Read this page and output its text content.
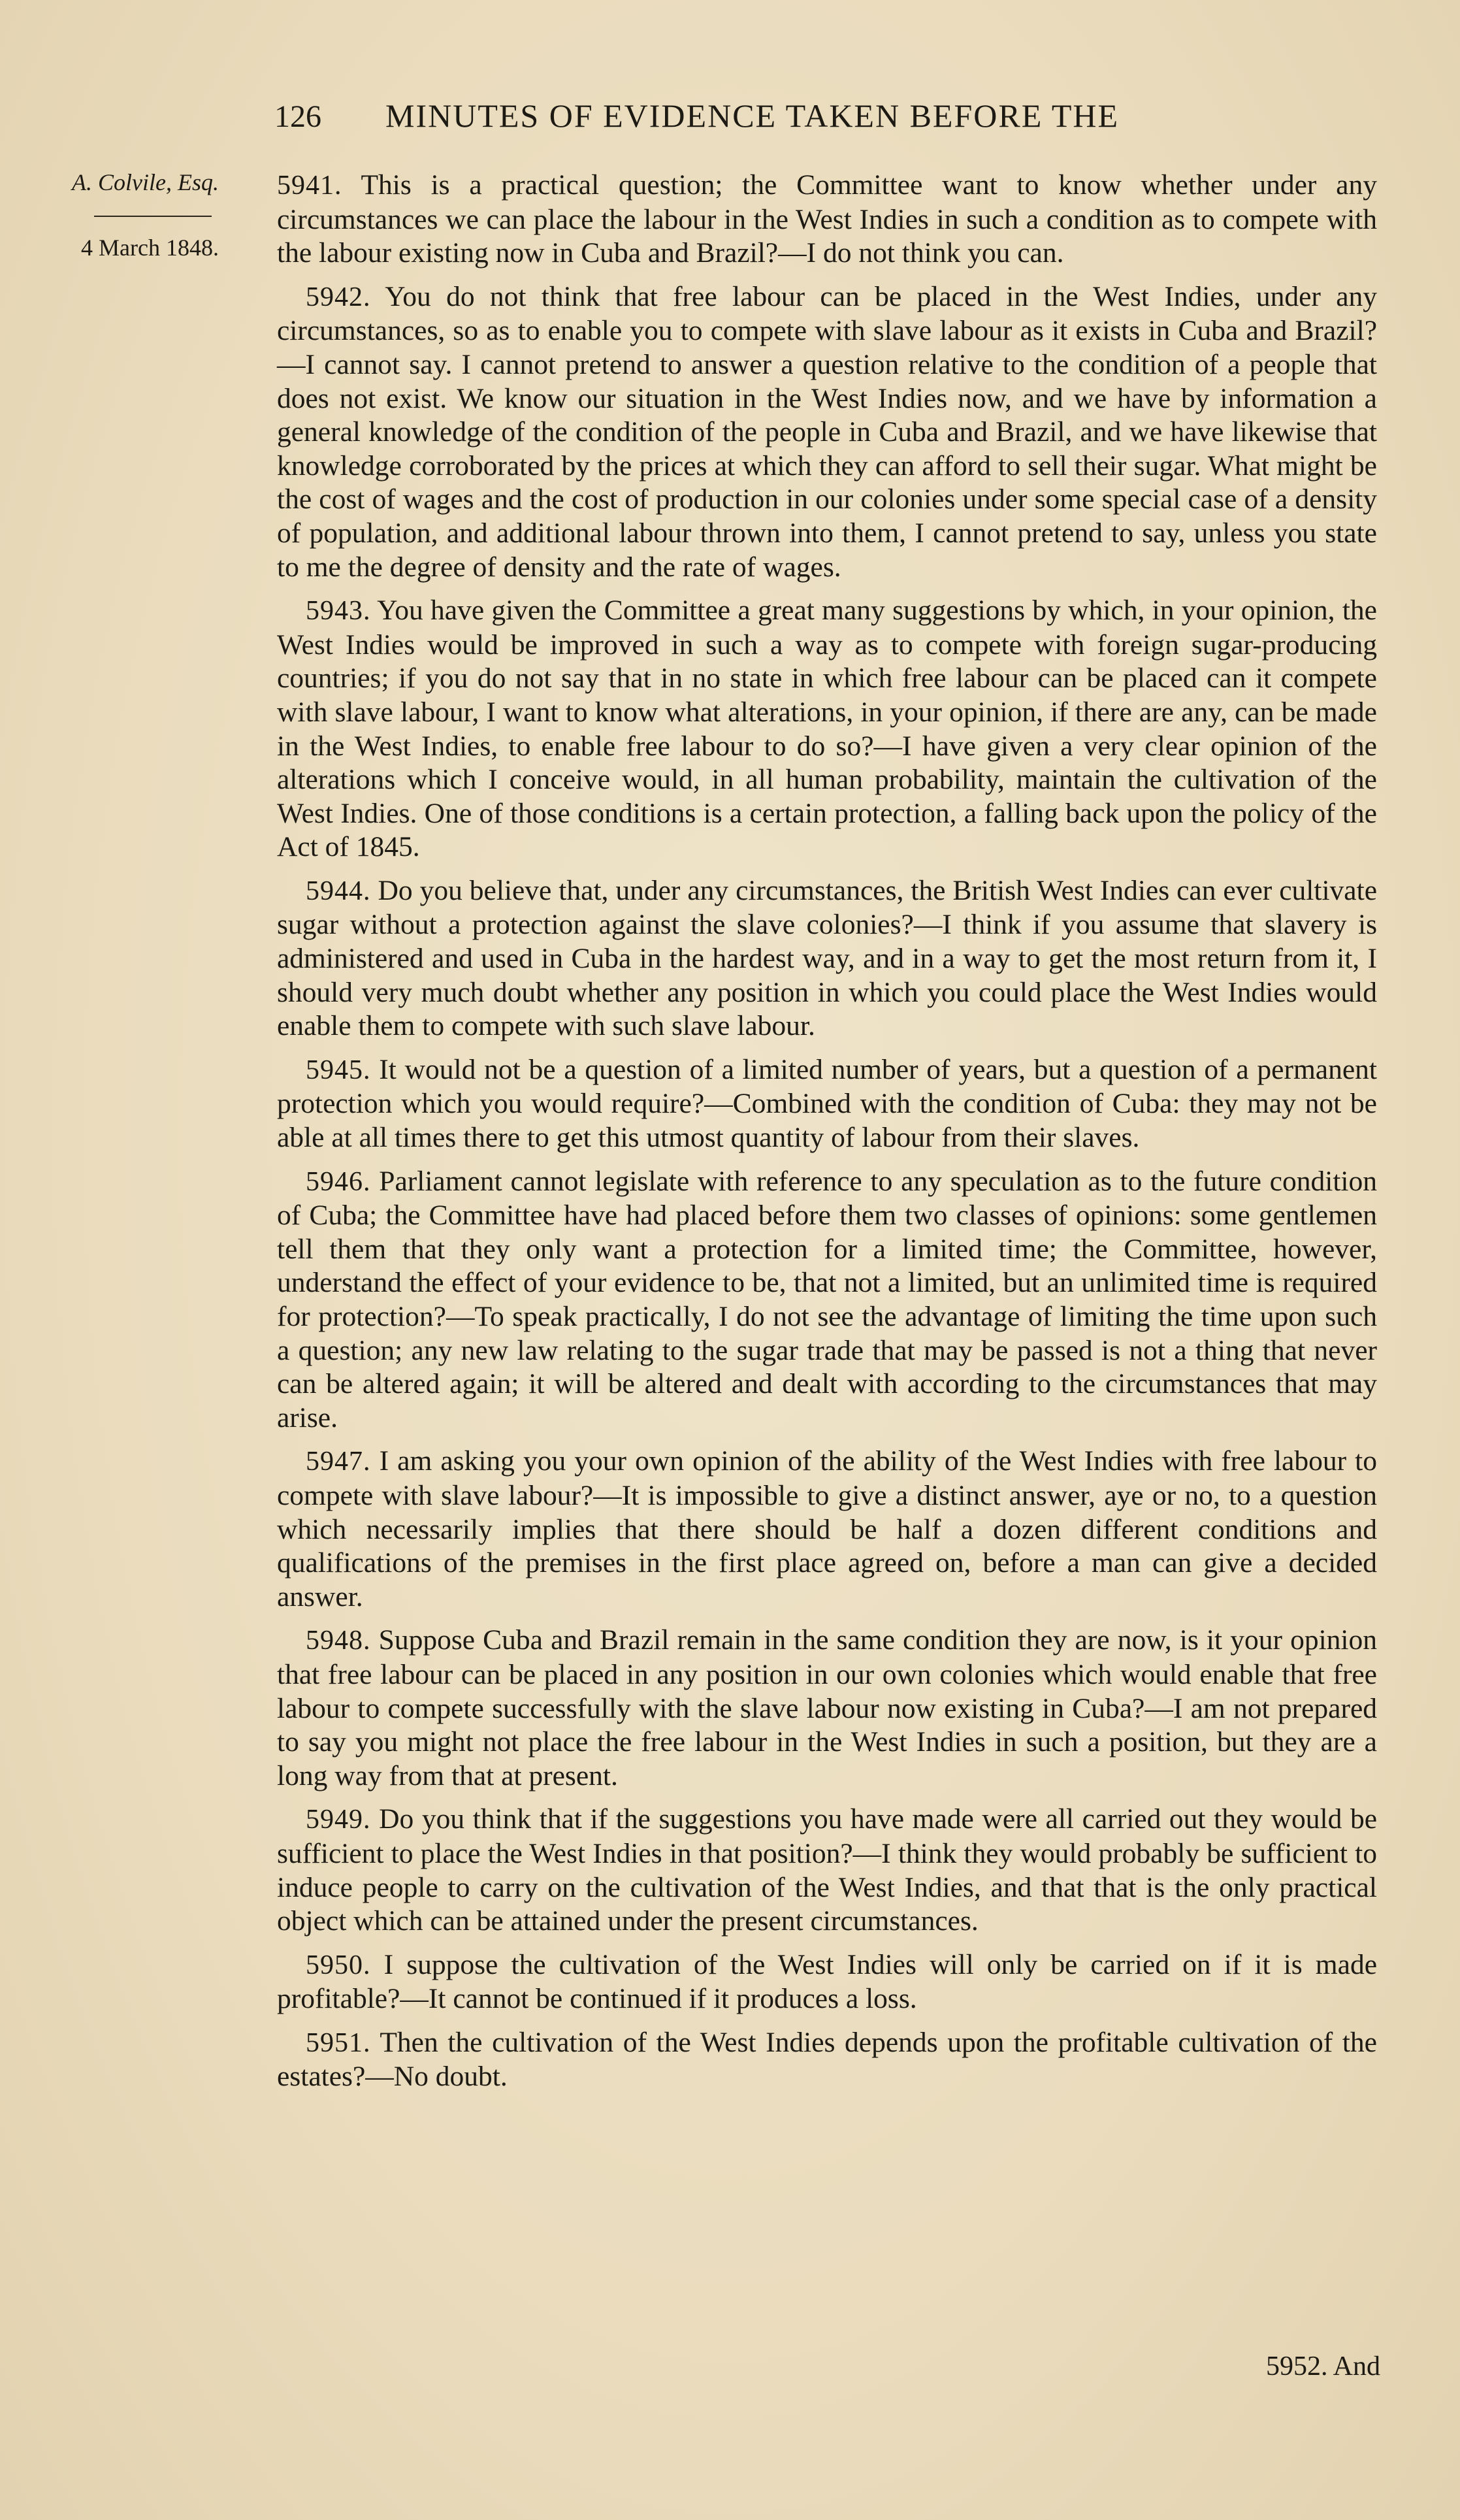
126	MINUTES OF EVIDENCE TAKEN BEFORE THE
A. Colvile, Esq.
4 March 1848.

5941. This is a practical question; the Committee want to know whether under any circumstances we can place the labour in the West Indies in such a condition as to compete with the labour existing now in Cuba and Brazil?—I do not think you can.

5942. You do not think that free labour can be placed in the West Indies, under any circumstances, so as to enable you to compete with slave labour as it exists in Cuba and Brazil?—I cannot say. I cannot pretend to answer a question relative to the condition of a people that does not exist. We know our situation in the West Indies now, and we have by information a general knowledge of the condition of the people in Cuba and Brazil, and we have likewise that knowledge corroborated by the prices at which they can afford to sell their sugar. What might be the cost of wages and the cost of production in our colonies under some special case of a density of population, and additional labour thrown into them, I cannot pretend to say, unless you state to me the degree of density and the rate of wages.

5943. You have given the Committee a great many suggestions by which, in your opinion, the West Indies would be improved in such a way as to compete with foreign sugar-producing countries; if you do not say that in no state in which free labour can be placed can it compete with slave labour, I want to know what alterations, in your opinion, if there are any, can be made in the West Indies, to enable free labour to do so?—I have given a very clear opinion of the alterations which I conceive would, in all human probability, maintain the cultivation of the West Indies. One of those conditions is a certain protection, a falling back upon the policy of the Act of 1845.

5944. Do you believe that, under any circumstances, the British West Indies can ever cultivate sugar without a protection against the slave colonies?—I think if you assume that slavery is administered and used in Cuba in the hardest way, and in a way to get the most return from it, I should very much doubt whether any position in which you could place the West Indies would enable them to compete with such slave labour.

5945. It would not be a question of a limited number of years, but a question of a permanent protection which you would require?—Combined with the condition of Cuba: they may not be able at all times there to get this utmost quantity of labour from their slaves.

5946. Parliament cannot legislate with reference to any speculation as to the future condition of Cuba; the Committee have had placed before them two classes of opinions: some gentlemen tell them that they only want a protection for a limited time; the Committee, however, understand the effect of your evidence to be, that not a limited, but an unlimited time is required for protection?—To speak practically, I do not see the advantage of limiting the time upon such a question; any new law relating to the sugar trade that may be passed is not a thing that never can be altered again; it will be altered and dealt with according to the circumstances that may arise.

5947. I am asking you your own opinion of the ability of the West Indies with free labour to compete with slave labour?—It is impossible to give a distinct answer, aye or no, to a question which necessarily implies that there should be half a dozen different conditions and qualifications of the premises in the first place agreed on, before a man can give a decided answer.

5948. Suppose Cuba and Brazil remain in the same condition they are now, is it your opinion that free labour can be placed in any position in our own colonies which would enable that free labour to compete successfully with the slave labour now existing in Cuba?—I am not prepared to say you might not place the free labour in the West Indies in such a position, but they are a long way from that at present.

5949. Do you think that if the suggestions you have made were all carried out they would be sufficient to place the West Indies in that position?—I think they would probably be sufficient to induce people to carry on the cultivation of the West Indies, and that that is the only practical object which can be attained under the present circumstances.

5950. I suppose the cultivation of the West Indies will only be carried on if it is made profitable?—It cannot be continued if it produces a loss.

5951. Then the cultivation of the West Indies depends upon the profitable cultivation of the estates?—No doubt.

5952. And
